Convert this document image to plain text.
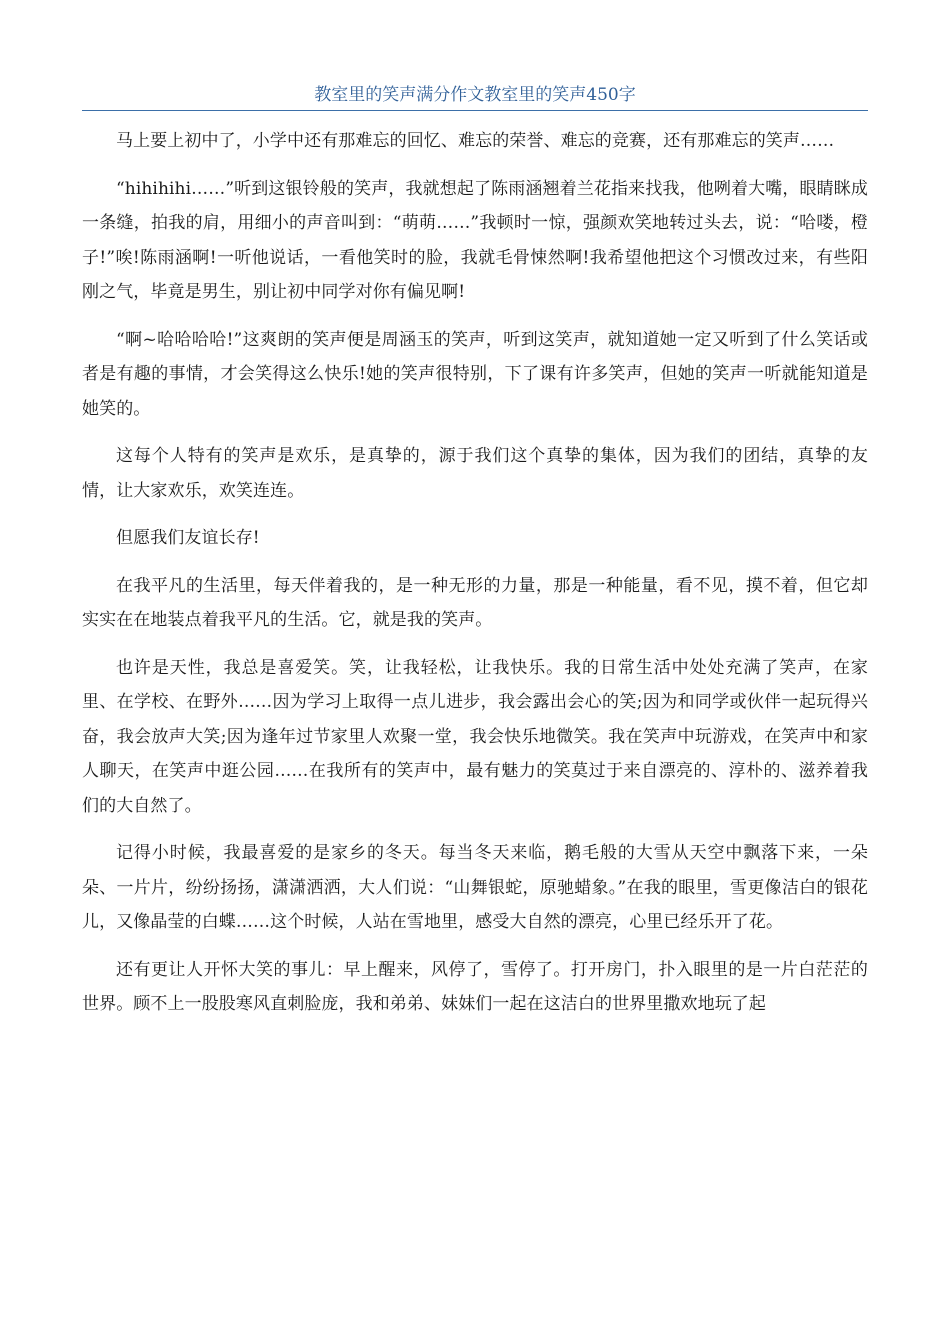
教室里的笑声满分作文教室里的笑声450字

马上要上初中了，小学中还有那难忘的回忆、难忘的荣誉、难忘的竞赛，还有那难忘的笑声……

“hihihihi……”听到这银铃般的笑声，我就想起了陈雨涵翘着兰花指来找我，他咧着大嘴，眼睛眯成一条缝，拍我的肩，用细小的声音叫到：“萌萌……”我顿时一惊，强颜欢笑地转过头去，说：“哈喽，橙子!”唉!陈雨涵啊!一听他说话，一看他笑时的脸，我就毛骨悚然啊!我希望他把这个习惯改过来，有些阳刚之气，毕竟是男生，别让初中同学对你有偏见啊!

“啊~哈哈哈哈!”这爽朗的笑声便是周涵玉的笑声，听到这笑声，就知道她一定又听到了什么笑话或者是有趣的事情，才会笑得这么快乐!她的笑声很特别，下了课有许多笑声，但她的笑声一听就能知道是她笑的。

这每个人特有的笑声是欢乐，是真挚的，源于我们这个真挚的集体，因为我们的团结，真挚的友情，让大家欢乐，欢笑连连。

但愿我们友谊长存!

在我平凡的生活里，每天伴着我的，是一种无形的力量，那是一种能量，看不见，摸不着，但它却实实在在地装点着我平凡的生活。它，就是我的笑声。

也许是天性，我总是喜爱笑。笑，让我轻松，让我快乐。我的日常生活中处处充满了笑声，在家里、在学校、在野外……因为学习上取得一点儿进步，我会露出会心的笑;因为和同学或伙伴一起玩得兴奋，我会放声大笑;因为逢年过节家里人欢聚一堂，我会快乐地微笑。我在笑声中玩游戏，在笑声中和家人聊天，在笑声中逛公园……在我所有的笑声中，最有魅力的笑莫过于来自漂亮的、淳朴的、滋养着我们的大自然了。

记得小时候，我最喜爱的是家乡的冬天。每当冬天来临，鹅毛般的大雪从天空中飘落下来，一朵朵、一片片，纷纷扬扬，潇潇洒洒，大人们说：“山舞银蛇，原驰蜡象。”在我的眼里，雪更像洁白的银花儿，又像晶莹的白蝶……这个时候，人站在雪地里，感受大自然的漂亮，心里已经乐开了花。

还有更让人开怀大笑的事儿：早上醒来，风停了，雪停了。打开房门，扑入眼里的是一片白茫茫的世界。顾不上一股股寒风直刺脸庞，我和弟弟、妹妹们一起在这洁白的世界里撒欢地玩了起
